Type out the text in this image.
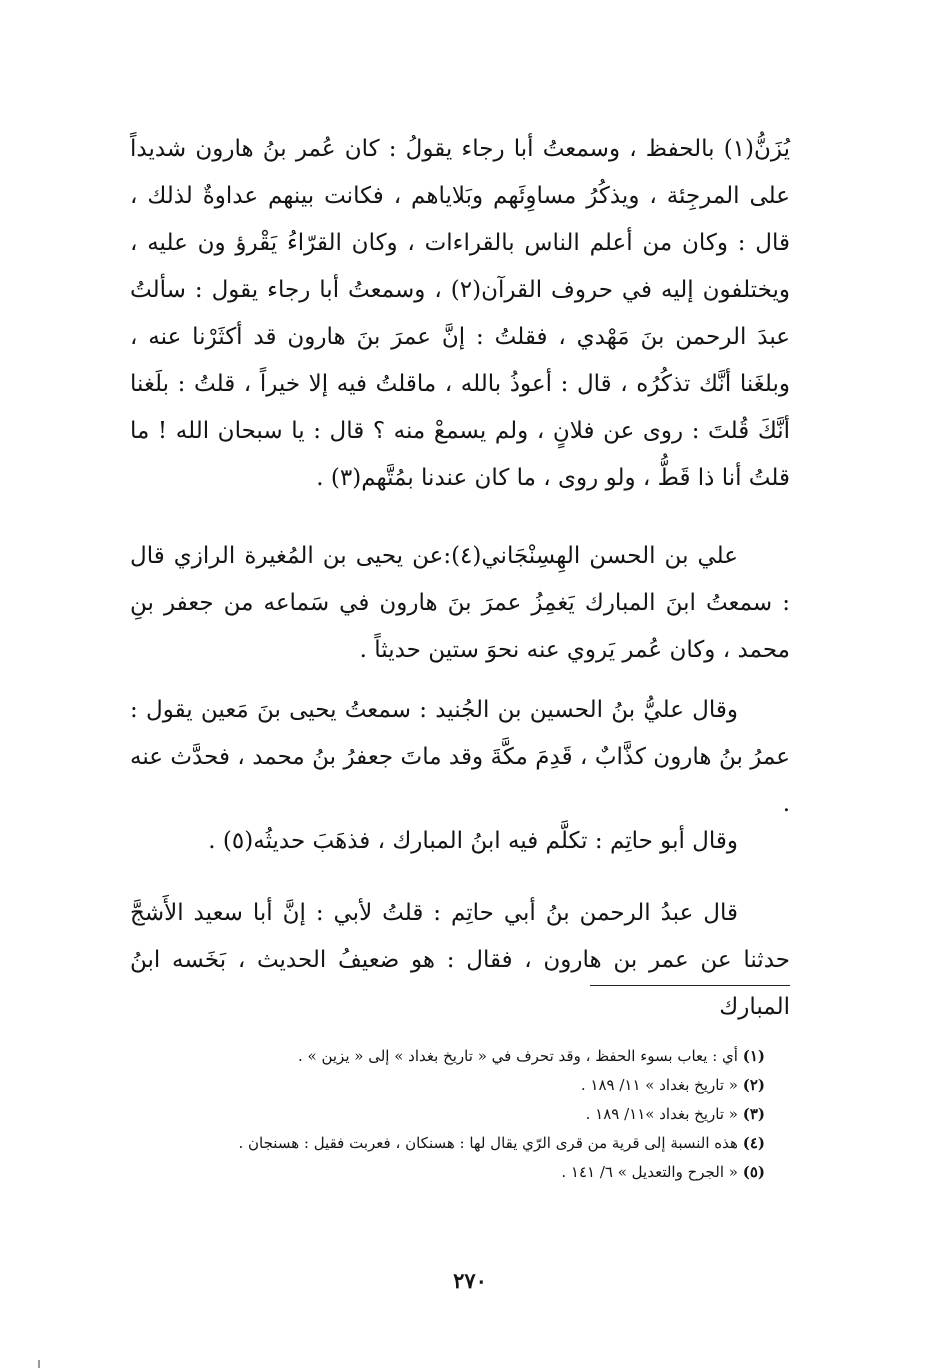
يُزَنُّ(١) بالحفظ ، وسمعتُ أبا رجاء يقولُ : كان عُمر بنُ هارون شديداً على المرجِئة ، ويذكُرُ مساوِئَهم وبَلاياهم ، فكانت بينهم عداوةٌ لذلك ، قال : وكان من أعلم الناس بالقراءات ، وكان القرّاءُ يَقْرؤ ون عليه ، ويختلفون إليه في حروف القرآن(٢) ، وسمعتُ أبا رجاء يقول : سألتُ عبدَ الرحمن بنَ مَهْدي ، فقلتُ : إنَّ عمرَ بنَ هارون قد أكثَرْنا عنه ، وبلغَنا أنَّك تذكُرُه ، قال : أعوذُ بالله ، ماقلتُ فيه إلا خيراً ، قلتُ : بلَغنا أنَّكَ قُلتَ : روى عن فلانٍ ، ولم يسمعْ منه ؟ قال : يا سبحان الله ! ما قلتُ أنا ذا قَطُّ ، ولو روى ، ما كان عندنا بمُتَّهم(٣) .

علي بن الحسن الهِسِنْجَاني(٤):عن يحيى بن المُغيرة الرازي قال : سمعتُ ابنَ المبارك يَغمِزُ عمرَ بنَ هارون في سَماعه من جعفر بنِ محمد ، وكان عُمر يَروي عنه نحوَ ستين حديثاً .

وقال عليُّ بنُ الحسين بن الجُنيد : سمعتُ يحيى بنَ مَعين يقول : عمرُ بنُ هارون كذَّابٌ ، قَدِمَ مكَّةَ وقد ماتَ جعفرُ بنُ محمد ، فحدَّث عنه .

وقال أبو حاتِم : تكلَّم فيه ابنُ المبارك ، فذهَبَ حديثُه(٥) .

قال عبدُ الرحمن بنُ أبي حاتِم : قلتُ لأبي : إنَّ أبا سعيد الأَشجَّ حدثنا عن عمر بن هارون ، فقال : هو ضعيفُ الحديث ، بَخَسه ابنُ المبارك

(١) أي : يعاب بسوء الحفظ ، وقد تحرف في « تاريخ بغداد » إلى « يزين » .

(٢) « تاريخ بغداد » ١١/ ١٨٩ .

(٣) « تاريخ بغداد »١١/ ١٨٩ .

(٤) هذه النسبة إلى قرية من قرى الرّي يقال لها : هسنكان ، فعربت فقيل : هسنجان .

(٥) « الجرح والتعديل » ٦/ ١٤١ .

٢٧٠
